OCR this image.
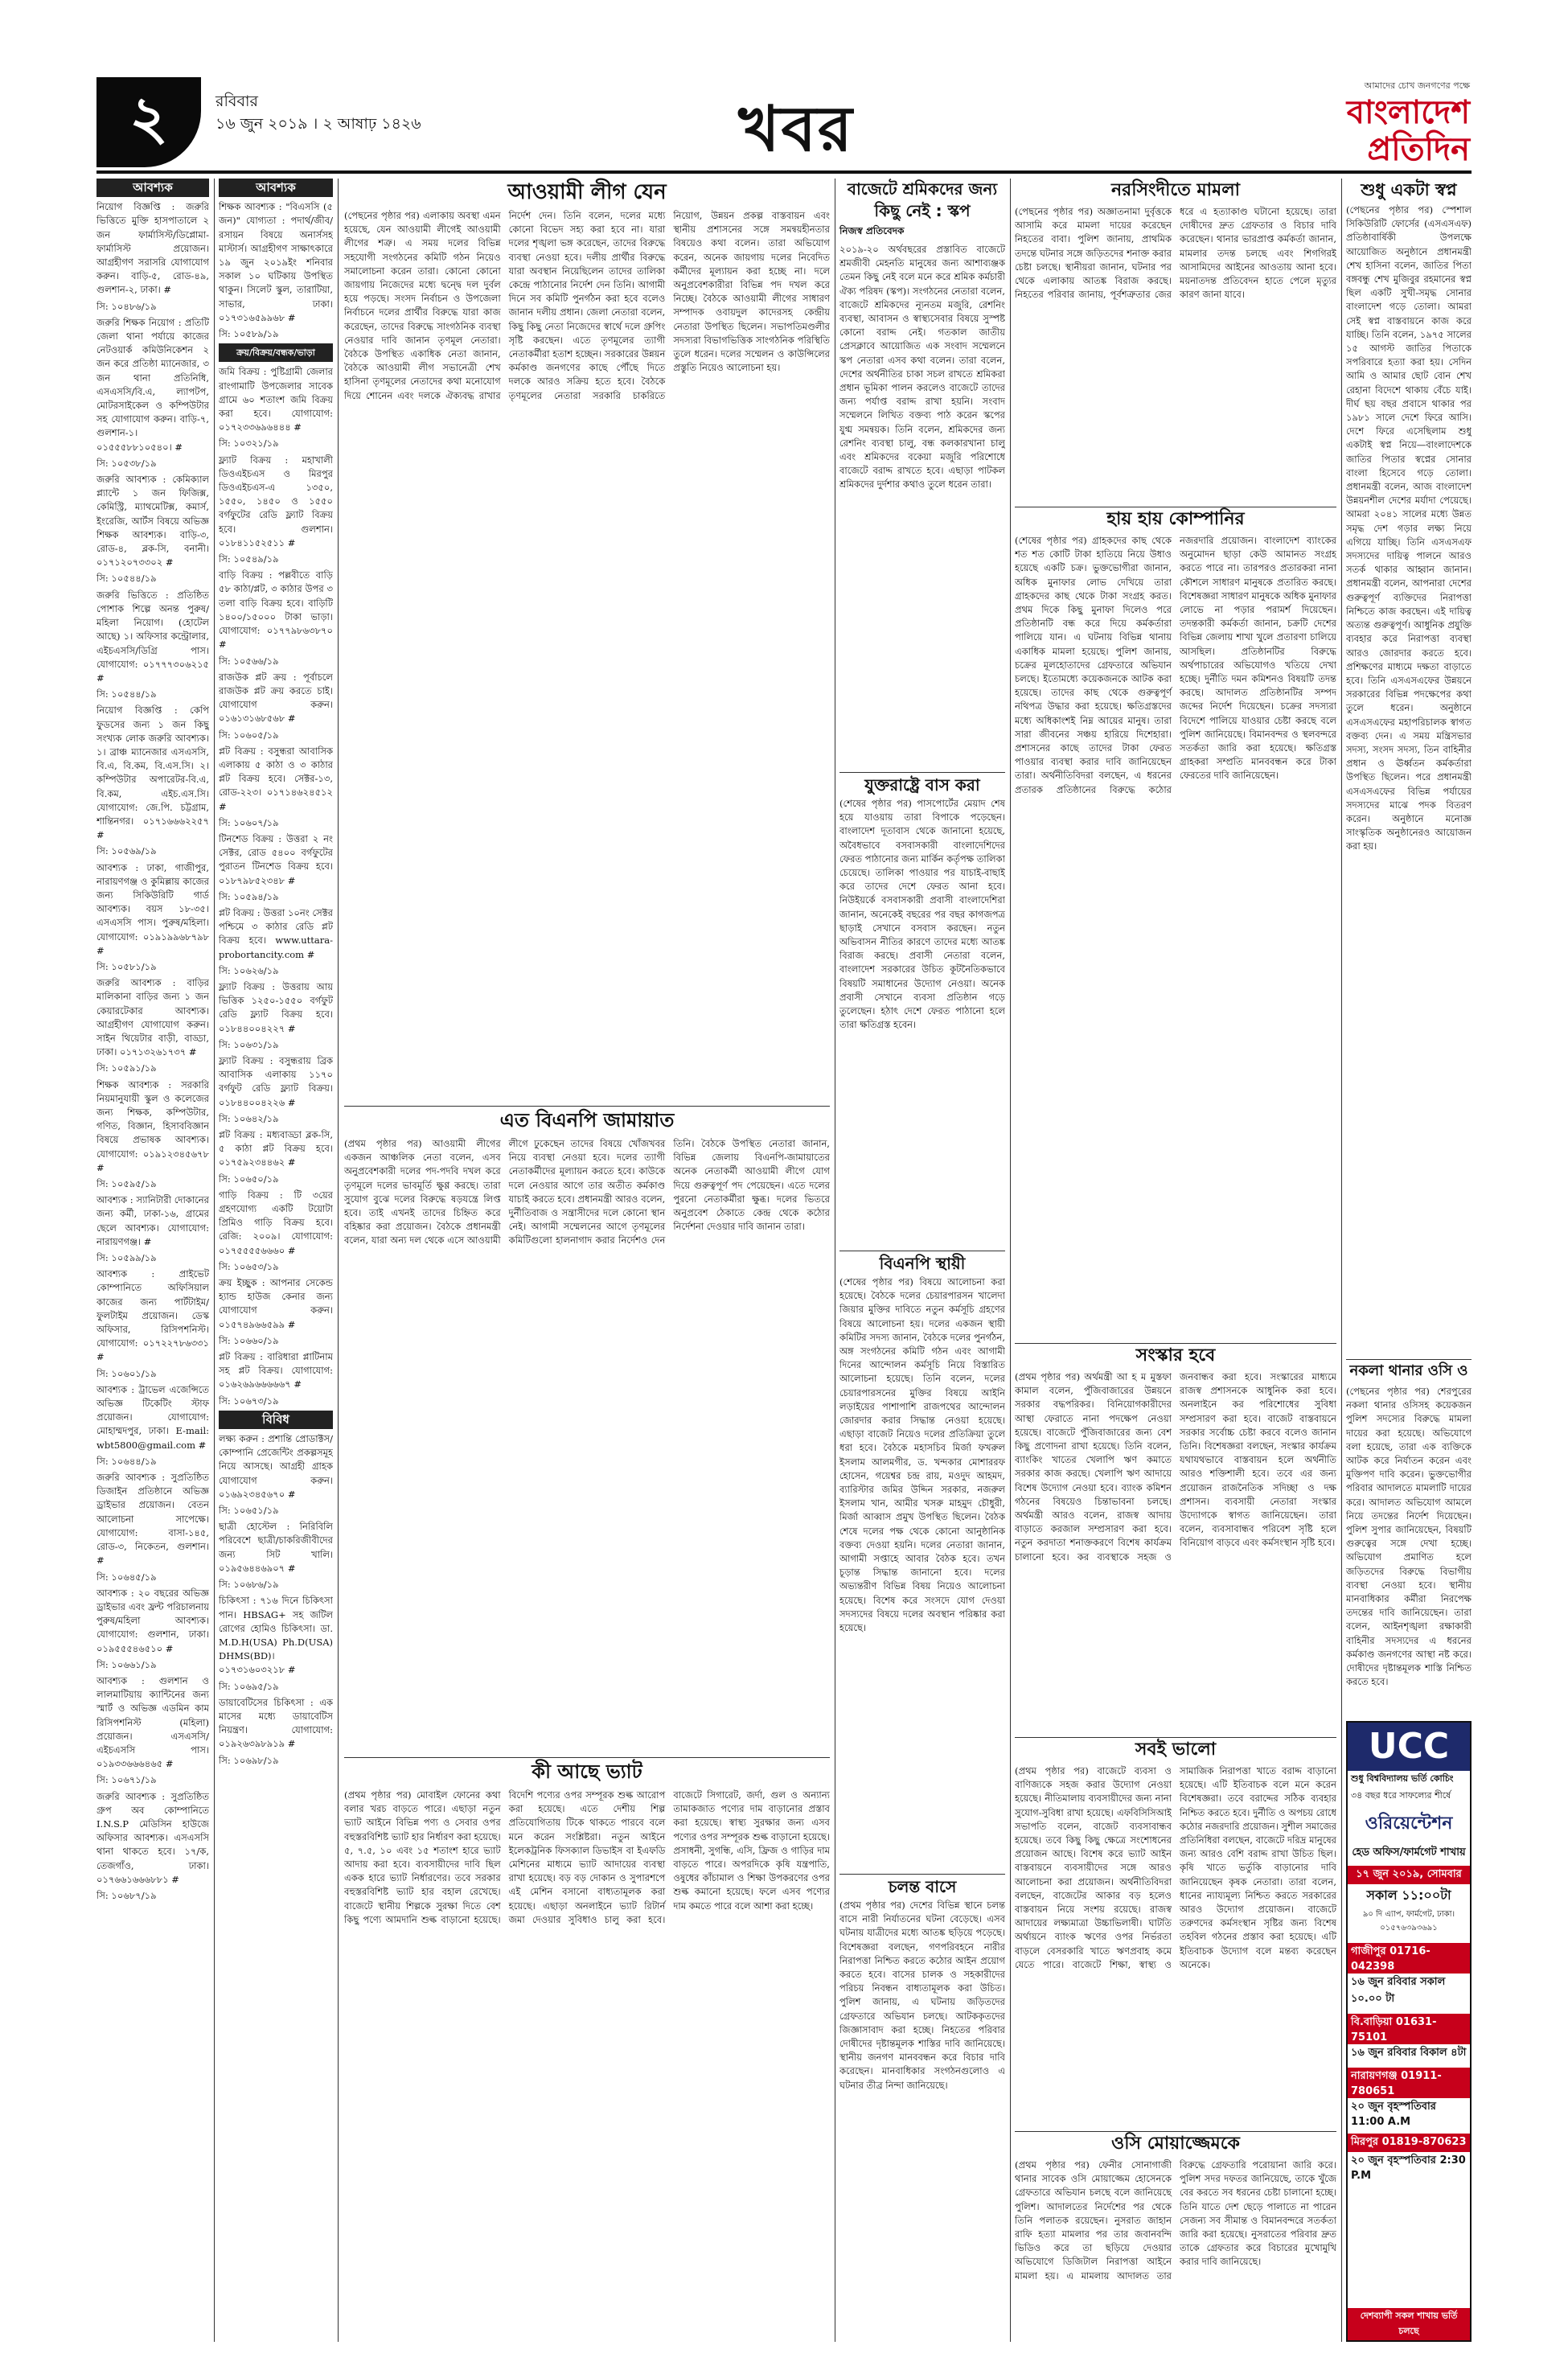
২	রবিবার
১৬ জুন ২০১৯ । ২ আষাঢ় ১৪২৬	খবর
আমাদের চোখ জনগণের পক্ষে
বাংলাদেশ প্রতিদিন
আবশ্যক

নিয়োগ বিজ্ঞপ্তি : জরুরি ভিত্তিতে মুক্তি হাসপাতালে ২ জন ফার্মাসিস্ট/ডিপ্লোমা-ফার্মাসিস্ট প্রয়োজন। আগ্রহীগণ সরাসরি যোগাযোগ করুন। বাড়ি-৫, রোড-৪৯, গুলশান-২, ঢাকা। #

সি: ১০৪৮৬/১৯

জরুরি শিক্ষক নিয়োগ : প্রতিটি জেলা থানা পর্যায়ে কাজের নেটওয়ার্ক কমিউনিকেশন ২ জন করে প্রতিষ্ঠা ম্যানেজার, ৩ জন থানা প্রতিনিধি, এসএসসি/বি.এ, ল্যাপটপ, মোটরসাইকেল ও কম্পিউটার সহ যোগাযোগ করুন। বাড়ি-৭, গুলশান-১। ০১৫৫৫৮৮১০৫৪০। #

সি: ১০৫৩৮/১৯

জরুরি আবশ্যক : কেমিক্যাল প্ল্যান্টে ১ জন ফিজিক্স, কেমিস্ট্রি, ম্যাথমেটিক্স, কমার্স, ইংরেজি, আর্টস বিষয়ে অভিজ্ঞ শিক্ষক আবশ্যক। বাড়ি-৩, রোড-৪, ব্লক-সি, বনানী। ০১৭১২০৭৩৩০২ #

সি: ১০৫৪৪/১৯

জরুরি ভিত্তিতে : প্রতিষ্ঠিত পোশাক শিল্পে অনন্ত পুরুষ/মহিলা নিয়োগ। (হোটেল আছে) ১। অফিসার কন্ট্রোলার, এইচএসসি/ডিগ্রি পাস। যোগাযোগ: ০১৭৭৭৩০৬২১৫ #

সি: ১০৫৪৪/১৯

নিয়োগ বিজ্ঞপ্তি : কেপি ফুডসের জন্য ১ জন কিছু সংখ্যক লোক জরুরি আবশ্যক। ১। ব্রাঞ্চ ম্যানেজার এসএসসি, বি.এ, বি.কম, বি.এস.সি। ২। কম্পিউটার অপারেটর-বি.এ, বি.কম, এইচ.এস.সি। যোগাযোগ: জে.পি. চট্টগ্রাম, শান্তিনগর। ০১৭১৬৬৬২২৫৭ #

সি: ১০৫৬৯/১৯

আবশ্যক : ঢাকা, গাজীপুর, নারায়ণগঞ্জ ও কুমিল্লায় কাজের জন্য সিকিউরিটি গার্ড আবশ্যক। বয়স ১৮-৩৫। এসএসসি পাস। পুরুষ/মহিলা। যোগাযোগ: ০১৯১৯৯৬৮৭৯৮ #

সি: ১০৫৮১/১৯

জরুরি আবশ্যক : বাড়ির মালিকানা বাড়ির জন্য ১ জন কেয়ারটেকার আবশ্যক। আগ্রহীগণ যোগাযোগ করুন। সাইন থিয়েটার বাড়ী, বাড্ডা, ঢাকা। ০১৭১৩২৬১৭৩৭ #

সি: ১০৫৯১/১৯

শিক্ষক আবশ্যক : সরকারি নিয়মানুযায়ী স্কুল ও কলেজের জন্য শিক্ষক, কম্পিউটার, গণিত, বিজ্ঞান, হিসাববিজ্ঞান বিষয়ে প্রভাষক আবশ্যক। যোগাযোগ: ০১৯১২৩৪৫৬৭৮ #

সি: ১০৫৯৫/১৯

আবশ্যক : স্যানিটারী দোকানের জন্য কর্মী, ঢাকা-১৬, গ্রামের ছেলে আবশ্যক। যোগাযোগ: নারায়ণগঞ্জ। #

সি: ১০৫৯৯/১৯

আবশ্যক : প্রাইভেট কোম্পানিতে অফিসিয়াল কাজের জন্য পার্টটাইম/ফুলটাইম প্রয়োজন। ডেস্ক অফিসার, রিসিপশনিস্ট। যোগাযোগ: ০১৭২২৭৮৬৩৩১ #

সি: ১০৬০১/১৯

আবশ্যক : ট্রাভেল এজেন্সিতে অভিজ্ঞ টিকেটিং স্টাফ প্রয়োজন। যোগাযোগ: মোহাম্মদপুর, ঢাকা। E-mail: wbt5800@gmail.com #

সি: ১০৬৪৪/১৯

জরুরি আবশ্যক : সুপ্রতিষ্ঠিত ডিজাইন প্রতিষ্ঠানে অভিজ্ঞ ড্রাইভার প্রয়োজন। বেতন আলোচনা সাপেক্ষে। যোগাযোগ: বাসা-১৪৫, রোড-৩, নিকেতন, গুলশান। #

সি: ১০৬৪৫/১৯

আবশ্যক : ২০ বছরের অভিজ্ঞ ড্রাইভার এবং ফ্রন্ট পরিচালনায় পুরুষ/মহিলা আবশ্যক। যোগাযোগ: গুলশান, ঢাকা। ০১৯৫৫৫৪৬৫১০ #

সি: ১০৬৬১/১৯

আবশ্যক : গুলশান ও লালমাটিয়ায় ক্যান্টিনের জন্য স্মার্ট ও অভিজ্ঞ এডমিন কাম রিসিপশনিস্ট (মহিলা) প্রয়োজন। এসএসসি/এইচএসসি পাস। ০১৯৩৩৬৬৬৪৬৫ #

সি: ১০৬৭১/১৯

জরুরি আবশ্যক : সুপ্রতিষ্ঠিত গ্রুপ অব কোম্পানিতে I.N.S.P মেডিসিন হাউজে অফিসার আবশ্যক। এসএসসি থানা থাকতে হবে। ১৭/ক, তেজগাঁও, ঢাকা। ০১৭৬৬১৬৬৬৮৮১ #

সি: ১০৬৮৭/১৯

আবশ্যক

শিক্ষক আবশ্যক : "বিএসসি (৫ জন)" যোগ্যতা : পদার্থ/জীব/রসায়ন বিষয়ে অনার্সসহ মাস্টার্স। আগ্রহীগণ সাক্ষাৎকারে ১৯ জুন ২০১৯ইং শনিবার সকাল ১০ ঘটিকায় উপস্থিত থাকুন। সিলেট স্কুল, তারাটিয়া, সাভার, ঢাকা। ০১৭৩১৬৫৯৯৬৮ #

সি: ১০৫৮৯/১৯

ক্রয়/বিক্রয়/বন্ধক/ভাড়া

জমি বিক্রয় : পুষ্টিগ্রামী জেলার রাংগামাটি উপজেলার সাবেক গ্রামে ৬০ শতাংশ জমি বিক্রয় করা হবে। যোগাযোগ: ০১৭২৩৩৬৯৬৪৪৪ #

সি: ১০৩২১/১৯

ফ্ল্যাট বিক্রয় : মহাখালী ডিওএইচএস ও মিরপুর ডিওএইচএস-এ ১৩৫০, ১৫৫০, ১৪৫০ ও ১৫৫০ বর্গফুটের রেডি ফ্ল্যাট বিক্রয় হবে। গুলশান। ০১৮৪১১৫২৫১১ #

সি: ১০৫৪৯/১৯

বাড়ি বিক্রয় : পল্লবীতে বাড়ি ৫৮ কাঠা/প্লট, ৩ কাঠার উপর ৩ তলা বাড়ি বিক্রয় হবে। বাড়িটি ১৪০০/১৫০০০ টাকা ভাড়া। যোগাযোগ: ০১৭৭৯৮৬৩৮৭০ #

সি: ১০৫৬৬/১৯

রাজউক প্লট ক্রয় : পূর্বাচলে রাজউক প্লট ক্রয় করতে চাই। যোগাযোগ করুন। ০১৬১৩১৬৮৫৬৮ #

সি: ১০৬০৫/১৯

প্লট বিক্রয় : বসুন্ধরা আবাসিক এলাকায় ৫ কাঠা ও ৩ কাঠার প্লট বিক্রয় হবে। সেক্টর-১৩, রোড-২২৩। ০১৭১৪৬২৪৫১২ #

সি: ১০৬০৭/১৯

টিনশেড বিক্রয় : উত্তরা ২ নং সেক্টর, রোড ৫৪০০ বর্গফুটের পুরাতন টিনশেড বিক্রয় হবে। ০১৮৭৯৮৫২৩৪৮ #

সি: ১০৫৯৪/১৯

প্লট বিক্রয় : উত্তরা ১০নং সেক্টর পশ্চিমে ৩ কাঠার রেডি প্লট বিক্রয় হবে। www.uttara-probortancity.com #

সি: ১০৬২৬/১৯

ফ্ল্যাট বিক্রয় : উত্তরায় আয় ভিত্তিক ১২৫০-১৫৫০ বর্গফুট রেডি ফ্ল্যাট বিক্রয় হবে। ০১৮৪৪০০৪২২৭ #

সি: ১০৬৩১/১৯

ফ্ল্যাট বিক্রয় : বসুন্ধরায় ব্রিক আবাসিক এলাকায় ১১৭০ বর্গফুট রেডি ফ্ল্যাট বিক্রয়। ০১৮৪৪০০৪২২৬ #

সি: ১০৬৪২/১৯

প্লট বিক্রয় : মধ্যবাড্ডা ব্লক-সি, ৫ কাঠা প্লট বিক্রয় হবে। ০১৭৫৯২৩৪৪৬২ #

সি: ১০৬৫০/১৯

গাড়ি বিক্রয় : টি ৩য়ের গ্রহণযোগ্য একটি টয়োটা প্রিমিও গাড়ি বিক্রয় হবে। রেজি: ২০০৯। যোগাযোগ: ০১৭৫৫৫৫৬৬৬০ #

সি: ১০৬৫৩/১৯

ক্রয় ইচ্ছুক : আপনার সেকেন্ড হ্যান্ড হাউজ কেনার জন্য যোগাযোগ করুন। ০১৫৭৪৯৬৬৫৯৯ #

সি: ১০৬৬০/১৯

প্লট বিক্রয় : বারিধারা প্লাটিনাম সহ প্লট বিক্রয়। যোগাযোগ: ০১৬২৬৯৬৬৬৬৬৭ #

সি: ১০৬৭৩/১৯

বিবিধ

লক্ষ্য করুন : প্রশান্তি প্রোডাক্টস/কোম্পানি প্রেজেন্টিং প্রকল্পসমূহ নিয়ে আসছে। আগ্রহী গ্রাহক যোগাযোগ করুন। ০১৬৯২৩৪৫৬৭০ #

সি: ১০৬৫১/১৯

ছাত্রী হোস্টেল : নিরিবিলি পরিবেশে ছাত্রী/চাকরিজীবীদের জন্য সিট খালি। ০১৯৫৬৪৪৬৯০৭ #

সি: ১০৬৮৬/১৯

চিকিৎসা : ৭১৬ দিনে চিকিৎসা পান। HBSAG+ সহ জটিল রোগের হোমিও চিকিৎসা। ডা. M.D.H(USA) Ph.D(USA) DHMS(BD)। ০১৭৩১৬০৩২১৮ #

সি: ১০৬৯৫/১৯

ডায়াবেটিসের চিকিৎসা : এক মাসের মধ্যে ডায়াবেটিস নিয়ন্ত্রণ। যোগাযোগ: ০১৯২৬৩৯৮৯১৯ #

সি: ১০৬৯৮/১৯

আওয়ামী লীগ যেন
(পেছনের পৃষ্ঠার পর) এলাকায় অবস্থা এমন হয়েছে, যেন আওয়ামী লীগেই আওয়ামী লীগের শত্রু। এ সময় দলের বিভিন্ন সহযোগী সংগঠনের কমিটি গঠন নিয়েও সমালোচনা করেন তারা। কোনো কোনো জায়গায় নিজেদের মধ্যে দ্বন্দ্বে দল দুর্বল হয়ে পড়ছে। সংসদ নির্বাচন ও উপজেলা নির্বাচনে দলের প্রার্থীর বিরুদ্ধে যারা কাজ করেছেন, তাদের বিরুদ্ধে সাংগঠনিক ব্যবস্থা নেওয়ার দাবি জানান তৃণমূল নেতারা। বৈঠকে উপস্থিত একাধিক নেতা জানান, বৈঠকে আওয়ামী লীগ সভানেত্রী শেখ হাসিনা তৃণমূলের নেতাদের কথা মনোযোগ দিয়ে শোনেন এবং দলকে ঐক্যবদ্ধ রাখার নির্দেশ দেন। তিনি বলেন, দলের মধ্যে কোনো বিভেদ সহ্য করা হবে না। যারা দলের শৃঙ্খলা ভঙ্গ করেছেন, তাদের বিরুদ্ধে ব্যবস্থা নেওয়া হবে। দলীয় প্রার্থীর বিরুদ্ধে যারা অবস্থান নিয়েছিলেন তাদের তালিকা কেন্দ্রে পাঠানোর নির্দেশ দেন তিনি। আগামী দিনে সব কমিটি পুনর্গঠন করা হবে বলেও জানান দলীয় প্রধান। জেলা নেতারা বলেন, কিছু কিছু নেতা নিজেদের স্বার্থে দলে গ্রুপিং সৃষ্টি করছেন। এতে তৃণমূলের ত্যাগী নেতাকর্মীরা হতাশ হচ্ছেন। সরকারের উন্নয়ন কর্মকাণ্ড জনগণের কাছে পৌঁছে দিতে দলকে আরও সক্রিয় হতে হবে। বৈঠকে তৃণমূলের নেতারা সরকারি চাকরিতে নিয়োগ, উন্নয়ন প্রকল্প বাস্তবায়ন এবং স্থানীয় প্রশাসনের সঙ্গে সমন্বয়হীনতার বিষয়েও কথা বলেন। তারা অভিযোগ করেন, অনেক জায়গায় দলের নিবেদিত কর্মীদের মূল্যায়ন করা হচ্ছে না। দলে অনুপ্রবেশকারীরা বিভিন্ন পদ দখল করে নিচ্ছে। বৈঠকে আওয়ামী লীগের সাধারণ সম্পাদক ওবায়দুল কাদেরসহ কেন্দ্রীয় নেতারা উপস্থিত ছিলেন। সভাপতিমণ্ডলীর সদস্যরা বিভাগভিত্তিক সাংগঠনিক পরিস্থিতি তুলে ধরেন। দলের সম্মেলন ও কাউন্সিলের প্রস্তুতি নিয়েও আলোচনা হয়।
এত বিএনপি জামায়াত
(প্রথম পৃষ্ঠার পর) আওয়ামী লীগের একজন আঞ্চলিক নেতা বলেন, এসব অনুপ্রবেশকারী দলের পদ-পদবি দখল করে তৃণমূলে দলের ভাবমূর্তি ক্ষুণ্ণ করছে। তারা সুযোগ বুঝে দলের বিরুদ্ধে ষড়যন্ত্রে লিপ্ত হবে। তাই এখনই তাদের চিহ্নিত করে বহিষ্কার করা প্রয়োজন। বৈঠকে প্রধানমন্ত্রী বলেন, যারা অন্য দল থেকে এসে আওয়ামী লীগে ঢুকেছেন তাদের বিষয়ে খোঁজখবর নিয়ে ব্যবস্থা নেওয়া হবে। দলের ত্যাগী নেতাকর্মীদের মূল্যায়ন করতে হবে। কাউকে দলে নেওয়ার আগে তার অতীত কর্মকাণ্ড যাচাই করতে হবে। প্রধানমন্ত্রী আরও বলেন, দুর্নীতিবাজ ও সন্ত্রাসীদের দলে কোনো স্থান নেই। আগামী সম্মেলনের আগে তৃণমূলের কমিটিগুলো হালনাগাদ করার নির্দেশও দেন তিনি। বৈঠকে উপস্থিত নেতারা জানান, বিভিন্ন জেলায় বিএনপি-জামায়াতের অনেক নেতাকর্মী আওয়ামী লীগে যোগ দিয়ে গুরুত্বপূর্ণ পদ পেয়েছেন। এতে দলের পুরনো নেতাকর্মীরা ক্ষুব্ধ। দলের ভিতরে অনুপ্রবেশ ঠেকাতে কেন্দ্র থেকে কঠোর নির্দেশনা দেওয়ার দাবি জানান তারা।
কী আছে ভ্যাট
(প্রথম পৃষ্ঠার পর) মোবাইল ফোনের কথা বলার খরচ বাড়তে পারে। এছাড়া নতুন ভ্যাট আইনে বিভিন্ন পণ্য ও সেবার ওপর বহুস্তরবিশিষ্ট ভ্যাট হার নির্ধারণ করা হয়েছে। ৫, ৭.৫, ১০ এবং ১৫ শতাংশ হারে ভ্যাট আদায় করা হবে। ব্যবসায়ীদের দাবি ছিল একক হারে ভ্যাট নির্ধারণের। তবে সরকার বহুস্তরবিশিষ্ট ভ্যাট হার বহাল রেখেছে। বাজেটে স্থানীয় শিল্পকে সুরক্ষা দিতে বেশ কিছু পণ্যে আমদানি শুল্ক বাড়ানো হয়েছে। বিদেশি পণ্যের ওপর সম্পূরক শুল্ক আরোপ করা হয়েছে। এতে দেশীয় শিল্প প্রতিযোগিতায় টিকে থাকতে পারবে বলে মনে করেন সংশ্লিষ্টরা। নতুন আইনে ইলেকট্রনিক ফিসক্যাল ডিভাইস বা ইএফডি মেশিনের মাধ্যমে ভ্যাট আদায়ের ব্যবস্থা রাখা হয়েছে। বড় বড় দোকান ও সুপারশপে এই মেশিন বসানো বাধ্যতামূলক করা হয়েছে। এছাড়া অনলাইনে ভ্যাট রিটার্ন জমা দেওয়ার সুবিধাও চালু করা হবে। বাজেটে সিগারেট, জর্দা, গুল ও অন্যান্য তামাকজাত পণ্যের দাম বাড়ানোর প্রস্তাব করা হয়েছে। স্বাস্থ্য সুরক্ষার জন্য এসব পণ্যের ওপর সম্পূরক শুল্ক বাড়ানো হয়েছে। প্রসাধনী, সুগন্ধি, এসি, ফ্রিজ ও গাড়ির দাম বাড়তে পারে। অপরদিকে কৃষি যন্ত্রপাতি, ওষুধের কাঁচামাল ও শিক্ষা উপকরণের ওপর শুল্ক কমানো হয়েছে। ফলে এসব পণ্যের দাম কমতে পারে বলে আশা করা হচ্ছে।
বাজেটে শ্রমিকদের জন্য কিছু নেই : স্কপ
নিজস্ব প্রতিবেদক
২০১৯-২০ অর্থবছরের প্রস্তাবিত বাজেটে শ্রমজীবী মেহনতি মানুষের জন্য আশাব্যঞ্জক তেমন কিছু নেই বলে মনে করে শ্রমিক কর্মচারী ঐক্য পরিষদ (স্কপ)। সংগঠনের নেতারা বলেন, বাজেটে শ্রমিকদের ন্যূনতম মজুরি, রেশনিং ব্যবস্থা, আবাসন ও স্বাস্থ্যসেবার বিষয়ে সুস্পষ্ট কোনো বরাদ্দ নেই। গতকাল জাতীয় প্রেসক্লাবে আয়োজিত এক সংবাদ সম্মেলনে স্কপ নেতারা এসব কথা বলেন। তারা বলেন, দেশের অর্থনীতির চাকা সচল রাখতে শ্রমিকরা প্রধান ভূমিকা পালন করলেও বাজেটে তাদের জন্য পর্যাপ্ত বরাদ্দ রাখা হয়নি। সংবাদ সম্মেলনে লিখিত বক্তব্য পাঠ করেন স্কপের যুগ্ম সমন্বয়ক। তিনি বলেন, শ্রমিকদের জন্য রেশনিং ব্যবস্থা চালু, বন্ধ কলকারখানা চালু এবং শ্রমিকদের বকেয়া মজুরি পরিশোধে বাজেটে বরাদ্দ রাখতে হবে। এছাড়া পাটকল শ্রমিকদের দুর্দশার কথাও তুলে ধরেন তারা।
যুক্তরাষ্ট্রে বাস করা
(শেষের পৃষ্ঠার পর) পাসপোর্টের মেয়াদ শেষ হয়ে যাওয়ায় তারা বিপাকে পড়েছেন। বাংলাদেশ দূতাবাস থেকে জানানো হয়েছে, অবৈধভাবে বসবাসকারী বাংলাদেশিদের ফেরত পাঠানোর জন্য মার্কিন কর্তৃপক্ষ তালিকা চেয়েছে। তালিকা পাওয়ার পর যাচাই-বাছাই করে তাদের দেশে ফেরত আনা হবে। নিউইয়র্কে বসবাসকারী প্রবাসী বাংলাদেশিরা জানান, অনেকেই বছরের পর বছর কাগজপত্র ছাড়াই সেখানে বসবাস করছেন। নতুন অভিবাসন নীতির কারণে তাদের মধ্যে আতঙ্ক বিরাজ করছে। প্রবাসী নেতারা বলেন, বাংলাদেশ সরকারের উচিত কূটনৈতিকভাবে বিষয়টি সমাধানের উদ্যোগ নেওয়া। অনেক প্রবাসী সেখানে ব্যবসা প্রতিষ্ঠান গড়ে তুলেছেন। হঠাৎ দেশে ফেরত পাঠানো হলে তারা ক্ষতিগ্রস্ত হবেন।
বিএনপি স্থায়ী
(শেষের পৃষ্ঠার পর) বিষয়ে আলোচনা করা হয়েছে। বৈঠকে দলের চেয়ারপারসন খালেদা জিয়ার মুক্তির দাবিতে নতুন কর্মসূচি গ্রহণের বিষয়ে আলোচনা হয়। দলের একজন স্থায়ী কমিটির সদস্য জানান, বৈঠকে দলের পুনর্গঠন, অঙ্গ সংগঠনের কমিটি গঠন এবং আগামী দিনের আন্দোলন কর্মসূচি নিয়ে বিস্তারিত আলোচনা হয়েছে। তিনি বলেন, দলের চেয়ারপারসনের মুক্তির বিষয়ে আইনি লড়াইয়ের পাশাপাশি রাজপথের আন্দোলন জোরদার করার সিদ্ধান্ত নেওয়া হয়েছে। এছাড়া বাজেট নিয়েও দলের প্রতিক্রিয়া তুলে ধরা হবে। বৈঠকে মহাসচিব মির্জা ফখরুল ইসলাম আলমগীর, ড. খন্দকার মোশাররফ হোসেন, গয়েশ্বর চন্দ্র রায়, মওদুদ আহমদ, ব্যারিস্টার জমির উদ্দিন সরকার, নজরুল ইসলাম খান, আমীর খসরু মাহমুদ চৌধুরী, মির্জা আব্বাস প্রমুখ উপস্থিত ছিলেন। বৈঠক শেষে দলের পক্ষ থেকে কোনো আনুষ্ঠানিক বক্তব্য দেওয়া হয়নি। দলের নেতারা জানান, আগামী সপ্তাহে আবার বৈঠক হবে। তখন চূড়ান্ত সিদ্ধান্ত জানানো হবে। দলের অভ্যন্তরীণ বিভিন্ন বিষয় নিয়েও আলোচনা হয়েছে। বিশেষ করে সংসদে যোগ দেওয়া সদস্যদের বিষয়ে দলের অবস্থান পরিষ্কার করা হয়েছে।
চলন্ত বাসে
(প্রথম পৃষ্ঠার পর) দেশের বিভিন্ন স্থানে চলন্ত বাসে নারী নির্যাতনের ঘটনা বেড়েছে। এসব ঘটনায় যাত্রীদের মধ্যে আতঙ্ক ছড়িয়ে পড়েছে। বিশেষজ্ঞরা বলছেন, গণপরিবহনে নারীর নিরাপত্তা নিশ্চিত করতে কঠোর আইন প্রয়োগ করতে হবে। বাসের চালক ও সহকারীদের পরিচয় নিবন্ধন বাধ্যতামূলক করা উচিত। পুলিশ জানায়, এ ঘটনায় জড়িতদের গ্রেফতারে অভিযান চলছে। আটককৃতদের জিজ্ঞাসাবাদ করা হচ্ছে। নিহতের পরিবার দোষীদের দৃষ্টান্তমূলক শাস্তির দাবি জানিয়েছে। স্থানীয় জনগণ মানববন্ধন করে বিচার দাবি করেছেন। মানবাধিকার সংগঠনগুলোও এ ঘটনার তীব্র নিন্দা জানিয়েছে।
নরসিংদীতে মামলা
(পেছনের পৃষ্ঠার পর) অজ্ঞাতনামা দুর্বৃত্তকে আসামি করে মামলা দায়ের করেছেন নিহতের বাবা। পুলিশ জানায়, প্রাথমিক তদন্তে ঘটনার সঙ্গে জড়িতদের শনাক্ত করার চেষ্টা চলছে। স্থানীয়রা জানান, ঘটনার পর থেকে এলাকায় আতঙ্ক বিরাজ করছে। নিহতের পরিবার জানায়, পূর্বশত্রুতার জের ধরে এ হত্যাকাণ্ড ঘটানো হয়েছে। তারা দোষীদের দ্রুত গ্রেফতার ও বিচার দাবি করেছেন। থানার ভারপ্রাপ্ত কর্মকর্তা জানান, মামলার তদন্ত চলছে এবং শিগগিরই আসামিদের আইনের আওতায় আনা হবে। ময়নাতদন্ত প্রতিবেদন হাতে পেলে মৃত্যুর কারণ জানা যাবে।
হায় হায় কোম্পানির
(শেষের পৃষ্ঠার পর) গ্রাহকদের কাছ থেকে শত শত কোটি টাকা হাতিয়ে নিয়ে উধাও হয়েছে একটি চক্র। ভুক্তভোগীরা জানান, অধিক মুনাফার লোভ দেখিয়ে তারা গ্রাহকদের কাছ থেকে টাকা সংগ্রহ করত। প্রথম দিকে কিছু মুনাফা দিলেও পরে প্রতিষ্ঠানটি বন্ধ করে দিয়ে কর্মকর্তারা পালিয়ে যান। এ ঘটনায় বিভিন্ন থানায় একাধিক মামলা হয়েছে। পুলিশ জানায়, চক্রের মূলহোতাদের গ্রেফতারে অভিযান চলছে। ইতোমধ্যে কয়েকজনকে আটক করা হয়েছে। তাদের কাছ থেকে গুরুত্বপূর্ণ নথিপত্র উদ্ধার করা হয়েছে। ক্ষতিগ্রস্তদের মধ্যে অধিকাংশই নিম্ন আয়ের মানুষ। তারা সারা জীবনের সঞ্চয় হারিয়ে দিশেহারা। প্রশাসনের কাছে তাদের টাকা ফেরত পাওয়ার ব্যবস্থা করার দাবি জানিয়েছেন তারা। অর্থনীতিবিদরা বলছেন, এ ধরনের প্রতারক প্রতিষ্ঠানের বিরুদ্ধে কঠোর নজরদারি প্রয়োজন। বাংলাদেশ ব্যাংকের অনুমোদন ছাড়া কেউ আমানত সংগ্রহ করতে পারে না। তারপরও প্রতারকরা নানা কৌশলে সাধারণ মানুষকে প্রতারিত করছে। বিশেষজ্ঞরা সাধারণ মানুষকে অধিক মুনাফার লোভে না পড়ার পরামর্শ দিয়েছেন। তদন্তকারী কর্মকর্তা জানান, চক্রটি দেশের বিভিন্ন জেলায় শাখা খুলে প্রতারণা চালিয়ে আসছিল। প্রতিষ্ঠানটির বিরুদ্ধে অর্থপাচারের অভিযোগও খতিয়ে দেখা হচ্ছে। দুর্নীতি দমন কমিশনও বিষয়টি তদন্ত করছে। আদালত প্রতিষ্ঠানটির সম্পদ জব্দের নির্দেশ দিয়েছেন। চক্রের সদস্যরা বিদেশে পালিয়ে যাওয়ার চেষ্টা করছে বলে পুলিশ জানিয়েছে। বিমানবন্দর ও স্থলবন্দরে সতর্কতা জারি করা হয়েছে। ক্ষতিগ্রস্ত গ্রাহকরা সম্প্রতি মানববন্ধন করে টাকা ফেরতের দাবি জানিয়েছেন।
সংস্কার হবে
(প্রথম পৃষ্ঠার পর) অর্থমন্ত্রী আ হ ম মুস্তফা কামাল বলেন, পুঁজিবাজারের উন্নয়নে সরকার বদ্ধপরিকর। বিনিয়োগকারীদের আস্থা ফেরাতে নানা পদক্ষেপ নেওয়া হয়েছে। বাজেটে পুঁজিবাজারের জন্য বেশ কিছু প্রণোদনা রাখা হয়েছে। তিনি বলেন, ব্যাংকিং খাতের খেলাপি ঋণ কমাতে সরকার কাজ করছে। খেলাপি ঋণ আদায়ে বিশেষ উদ্যোগ নেওয়া হবে। ব্যাংক কমিশন গঠনের বিষয়েও চিন্তাভাবনা চলছে। অর্থমন্ত্রী আরও বলেন, রাজস্ব আদায় বাড়াতে করজাল সম্প্রসারণ করা হবে। নতুন করদাতা শনাক্তকরণে বিশেষ কার্যক্রম চালানো হবে। কর ব্যবস্থাকে সহজ ও জনবান্ধব করা হবে। সংস্কারের মাধ্যমে রাজস্ব প্রশাসনকে আধুনিক করা হবে। অনলাইনে কর পরিশোধের সুবিধা সম্প্রসারণ করা হবে। বাজেট বাস্তবায়নে সরকার সর্বোচ্চ চেষ্টা করবে বলেও জানান তিনি। বিশেষজ্ঞরা বলছেন, সংস্কার কার্যক্রম যথাযথভাবে বাস্তবায়ন হলে অর্থনীতি আরও শক্তিশালী হবে। তবে এর জন্য প্রয়োজন রাজনৈতিক সদিচ্ছা ও দক্ষ প্রশাসন। ব্যবসায়ী নেতারা সংস্কার উদ্যোগকে স্বাগত জানিয়েছেন। তারা বলেন, ব্যবসাবান্ধব পরিবেশ সৃষ্টি হলে বিনিয়োগ বাড়বে এবং কর্মসংস্থান সৃষ্টি হবে।
সবই ভালো
(প্রথম পৃষ্ঠার পর) বাজেটে ব্যবসা ও বাণিজ্যকে সহজ করার উদ্যোগ নেওয়া হয়েছে। নীতিমালায় ব্যবসায়ীদের জন্য নানা সুযোগ-সুবিধা রাখা হয়েছে। এফবিসিসিআই সভাপতি বলেন, বাজেট ব্যবসাবান্ধব হয়েছে। তবে কিছু কিছু ক্ষেত্রে সংশোধনের প্রয়োজন আছে। বিশেষ করে ভ্যাট আইন বাস্তবায়নে ব্যবসায়ীদের সঙ্গে আরও আলোচনা করা প্রয়োজন। অর্থনীতিবিদরা বলছেন, বাজেটের আকার বড় হলেও বাস্তবায়ন নিয়ে সংশয় রয়েছে। রাজস্ব আদায়ের লক্ষ্যমাত্রা উচ্চাভিলাষী। ঘাটতি অর্থায়নে ব্যাংক ঋণের ওপর নির্ভরতা বাড়লে বেসরকারি খাতে ঋণপ্রবাহ কমে যেতে পারে। বাজেটে শিক্ষা, স্বাস্থ্য ও সামাজিক নিরাপত্তা খাতে বরাদ্দ বাড়ানো হয়েছে। এটি ইতিবাচক বলে মনে করেন বিশেষজ্ঞরা। তবে বরাদ্দের সঠিক ব্যবহার নিশ্চিত করতে হবে। দুর্নীতি ও অপচয় রোধে কঠোর নজরদারি প্রয়োজন। সুশীল সমাজের প্রতিনিধিরা বলছেন, বাজেটে দরিদ্র মানুষের জন্য আরও বেশি বরাদ্দ রাখা উচিত ছিল। কৃষি খাতে ভর্তুকি বাড়ানোর দাবি জানিয়েছেন কৃষক নেতারা। তারা বলেন, ধানের ন্যায্যমূল্য নিশ্চিত করতে সরকারের আরও উদ্যোগ প্রয়োজন। বাজেটে তরুণদের কর্মসংস্থান সৃষ্টির জন্য বিশেষ তহবিল গঠনের প্রস্তাব করা হয়েছে। এটি ইতিবাচক উদ্যোগ বলে মন্তব্য করেছেন অনেকে।
ওসি মোয়াজ্জেমকে
(প্রথম পৃষ্ঠার পর) ফেনীর সোনাগাজী থানার সাবেক ওসি মোয়াজ্জেম হোসেনকে গ্রেফতারে অভিযান চলছে বলে জানিয়েছে পুলিশ। আদালতের নির্দেশের পর থেকে তিনি পলাতক রয়েছেন। নুসরাত জাহান রাফি হত্যা মামলার পর তার জবানবন্দি ভিডিও করে তা ছড়িয়ে দেওয়ার অভিযোগে ডিজিটাল নিরাপত্তা আইনে মামলা হয়। এ মামলায় আদালত তার বিরুদ্ধে গ্রেফতারি পরোয়ানা জারি করে। পুলিশ সদর দফতর জানিয়েছে, তাকে খুঁজে বের করতে সব ধরনের চেষ্টা চালানো হচ্ছে। তিনি যাতে দেশ ছেড়ে পালাতে না পারেন সেজন্য সব সীমান্ত ও বিমানবন্দরে সতর্কতা জারি করা হয়েছে। নুসরাতের পরিবার দ্রুত তাকে গ্রেফতার করে বিচারের মুখোমুখি করার দাবি জানিয়েছে।
শুধু একটা স্বপ্ন
(পেছনের পৃষ্ঠার পর) স্পেশাল সিকিউরিটি ফোর্সের (এসএসএফ) প্রতিষ্ঠাবার্ষিকী উপলক্ষে আয়োজিত অনুষ্ঠানে প্রধানমন্ত্রী শেখ হাসিনা বলেন, জাতির পিতা বঙ্গবন্ধু শেখ মুজিবুর রহমানের স্বপ্ন ছিল একটি সুখী-সমৃদ্ধ সোনার বাংলাদেশ গড়ে তোলা। আমরা সেই স্বপ্ন বাস্তবায়নে কাজ করে যাচ্ছি। তিনি বলেন, ১৯৭৫ সালের ১৫ আগস্ট জাতির পিতাকে সপরিবারে হত্যা করা হয়। সেদিন আমি ও আমার ছোট বোন শেখ রেহানা বিদেশে থাকায় বেঁচে যাই। দীর্ঘ ছয় বছর প্রবাসে থাকার পর ১৯৮১ সালে দেশে ফিরে আসি। দেশে ফিরে এসেছিলাম শুধু একটাই স্বপ্ন নিয়ে—বাংলাদেশকে জাতির পিতার স্বপ্নের সোনার বাংলা হিসেবে গড়ে তোলা। প্রধানমন্ত্রী বলেন, আজ বাংলাদেশ উন্নয়নশীল দেশের মর্যাদা পেয়েছে। আমরা ২০৪১ সালের মধ্যে উন্নত সমৃদ্ধ দেশ গড়ার লক্ষ্য নিয়ে এগিয়ে যাচ্ছি। তিনি এসএসএফ সদস্যদের দায়িত্ব পালনে আরও সতর্ক থাকার আহ্বান জানান। প্রধানমন্ত্রী বলেন, আপনারা দেশের গুরুত্বপূর্ণ ব্যক্তিদের নিরাপত্তা নিশ্চিতে কাজ করছেন। এই দায়িত্ব অত্যন্ত গুরুত্বপূর্ণ। আধুনিক প্রযুক্তি ব্যবহার করে নিরাপত্তা ব্যবস্থা আরও জোরদার করতে হবে। প্রশিক্ষণের মাধ্যমে দক্ষতা বাড়াতে হবে। তিনি এসএসএফের উন্নয়নে সরকারের বিভিন্ন পদক্ষেপের কথা তুলে ধরেন। অনুষ্ঠানে এসএসএফের মহাপরিচালক স্বাগত বক্তব্য দেন। এ সময় মন্ত্রিসভার সদস্য, সংসদ সদস্য, তিন বাহিনীর প্রধান ও ঊর্ধ্বতন কর্মকর্তারা উপস্থিত ছিলেন। পরে প্রধানমন্ত্রী এসএসএফের বিভিন্ন পর্যায়ের সদস্যদের মাঝে পদক বিতরণ করেন। অনুষ্ঠানে মনোজ্ঞ সাংস্কৃতিক অনুষ্ঠানেরও আয়োজন করা হয়।
নকলা থানার ওসি ও
(পেছনের পৃষ্ঠার পর) শেরপুরের নকলা থানার ওসিসহ কয়েকজন পুলিশ সদস্যের বিরুদ্ধে মামলা দায়ের করা হয়েছে। অভিযোগে বলা হয়েছে, তারা এক ব্যক্তিকে আটক করে নির্যাতন করেন এবং মুক্তিপণ দাবি করেন। ভুক্তভোগীর পরিবার আদালতে মামলাটি দায়ের করে। আদালত অভিযোগ আমলে নিয়ে তদন্তের নির্দেশ দিয়েছেন। পুলিশ সুপার জানিয়েছেন, বিষয়টি গুরুত্বের সঙ্গে দেখা হচ্ছে। অভিযোগ প্রমাণিত হলে জড়িতদের বিরুদ্ধে বিভাগীয় ব্যবস্থা নেওয়া হবে। স্থানীয় মানবাধিকার কর্মীরা নিরপেক্ষ তদন্তের দাবি জানিয়েছেন। তারা বলেন, আইনশৃঙ্খলা রক্ষাকারী বাহিনীর সদস্যদের এ ধরনের কর্মকাণ্ড জনগণের আস্থা নষ্ট করে। দোষীদের দৃষ্টান্তমূলক শাস্তি নিশ্চিত করতে হবে।
UCC
শুধু বিশ্ববিদ্যালয় ভর্তি কোচিং
৩৪ বছর ধরে সাফল্যের শীর্ষে
ওরিয়েন্টেশন
হেড অফিস/ফার্মগেট শাখায়
১৭ জুন ২০১৯, সোমবার
সকাল ১১:০০টা
৯০ দি এ্যাপ, ফার্মগেট, ঢাকা। ০১৫৭৬৩৯৩৬৯১
গাজীপুর 01716-042398
১৬ জুন রবিবার সকাল ১০.০০ টা
বি.বাড়িয়া 01631-75101
১৬ জুন রবিবার বিকাল ৪টা
নারায়ণগঞ্জ 01911-780651
২০ জুন বৃহস্পতিবার 11:00 A.M
মিরপুর 01819-870623
২০ জুন বৃহস্পতিবার 2:30 P.M
দেশব্যাপী সকল শাখায় ভর্তি চলছে
